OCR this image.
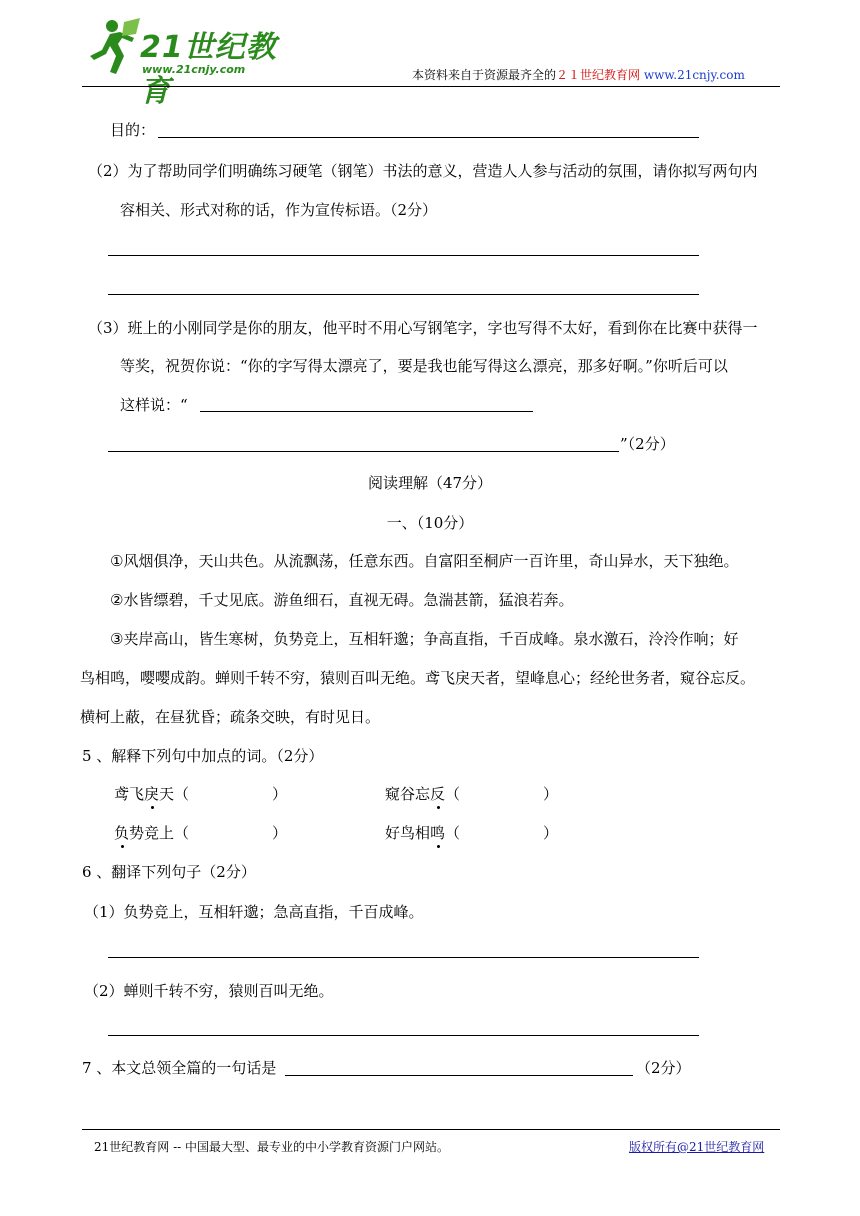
21世纪教育
www.21cnjy.com	本资料来自于资源最齐全的２１世纪教育网 www.21cnjy.com
目的：
（2）为了帮助同学们明确练习硬笔（钢笔）书法的意义，营造人人参与活动的氛围，请你拟写两句内
容相关、形式对称的话，作为宣传标语。（2分）
（3）班上的小刚同学是你的朋友，他平时不用心写钢笔字，字也写得不太好，看到你在比赛中获得一
等奖，祝贺你说：“你的字写得太漂亮了，要是我也能写得这么漂亮，那多好啊。”你听后可以
这样说：“
”（2分）
阅读理解（47分）
一、（10分）
①风烟俱净，天山共色。从流飘荡，任意东西。自富阳至桐庐一百许里，奇山异水，天下独绝。
②水皆缥碧，千丈见底。游鱼细石，直视无碍。急湍甚箭，猛浪若奔。
③夹岸高山，皆生寒树，负势竞上，互相轩邈；争高直指，千百成峰。泉水激石，泠泠作响；好
鸟相鸣，嘤嘤成韵。蝉则千转不穷，猿则百叫无绝。鸢飞戾天者，望峰息心；经纶世务者，窥谷忘反。
横柯上蔽，在昼犹昏；疏条交映，有时见日。
5 、解释下列句中加点的词。（2分）
鸢飞戾天（	）	窥谷忘反（	）
负势竞上（	）	好鸟相鸣（	）
6 、翻译下列句子（2分）
（1）负势竞上，互相轩邈；急高直指，千百成峰。
（2）蝉则千转不穷，猿则百叫无绝。
7 、本文总领全篇的一句话是	（2分）
21世纪教育网 -- 中国最大型、最专业的中小学教育资源门户网站。	版权所有@21世纪教育网
